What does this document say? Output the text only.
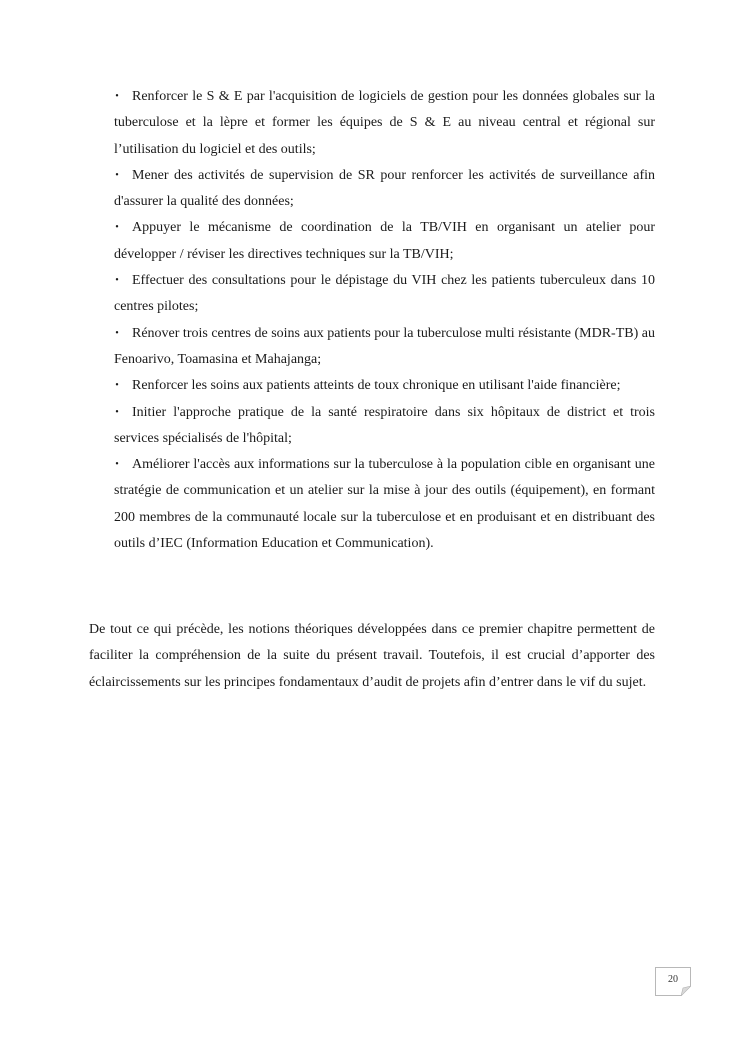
• Renforcer le S & E par l'acquisition de logiciels de gestion pour les données globales sur la tuberculose et la lèpre et former les équipes de S & E au niveau central et régional sur l’utilisation du logiciel et des outils;
• Mener des activités de supervision de SR pour renforcer les activités de surveillance afin d'assurer la qualité des données;
• Appuyer le mécanisme de coordination de la TB/VIH en organisant un atelier pour développer / réviser les directives techniques sur la TB/VIH;
• Effectuer des consultations pour le dépistage du VIH chez les patients tuberculeux dans 10 centres pilotes;
• Rénover trois centres de soins aux patients pour la tuberculose multi résistante (MDR-TB) au Fenoarivo, Toamasina et Mahajanga;
• Renforcer les soins aux patients atteints de toux chronique en utilisant l'aide financière;
• Initier l'approche pratique de la santé respiratoire dans six hôpitaux de district et trois services spécialisés de l'hôpital;
• Améliorer l'accès aux informations sur la tuberculose à la population cible en organisant une stratégie de communication et un atelier sur la mise à jour des outils (équipement), en formant 200 membres de la communauté locale sur la tuberculose et en produisant et en distribuant des outils d’IEC (Information Education et Communication).

De tout ce qui précède, les notions théoriques développées dans ce premier chapitre permettent de faciliter la compréhension de la suite du présent travail. Toutefois, il est crucial d’apporter des éclaircissements sur les principes fondamentaux d’audit de projets afin d’entrer dans le vif du sujet.

20
